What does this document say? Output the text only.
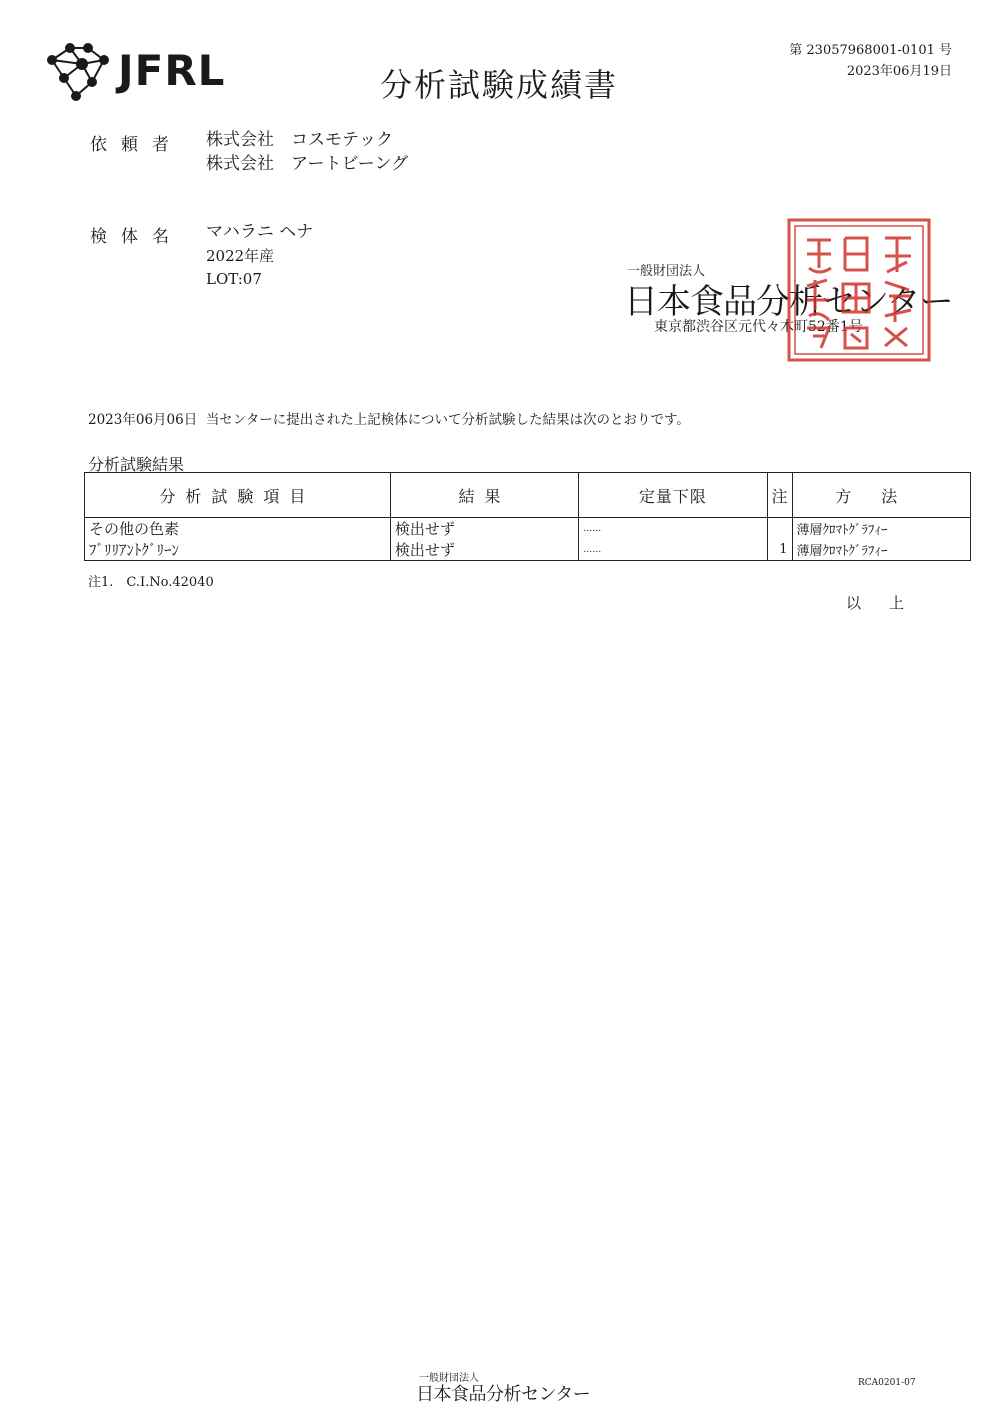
JFRL	分析試験成績書
第 23057968001-0101 号
2023年06月19日
依頼者 株式会社　コスモテック
株式会社　アートビーング
検体名 マハラニ ヘナ
2022年産
LOT:07	一般財団法人
日本食品分析センター
東京都渋谷区元代々木町52番1号
2023年06月06日 当センターに提出された上記検体について分析試験した結果は次のとおりです。
分析試験結果
分析試験項目	結果	定量下限	注	方法
その他の色素	検出せず	……		薄層ｸﾛﾏﾄｸﾞﾗﾌｨｰ
ﾌﾞﾘﾘｱﾝﾄｸﾞﾘｰﾝ	検出せず	……	1	薄層ｸﾛﾏﾄｸﾞﾗﾌｨｰ
注1.　C.I.No.42040
以上
一般財団法人
日本食品分析センター
RCA0201-07
